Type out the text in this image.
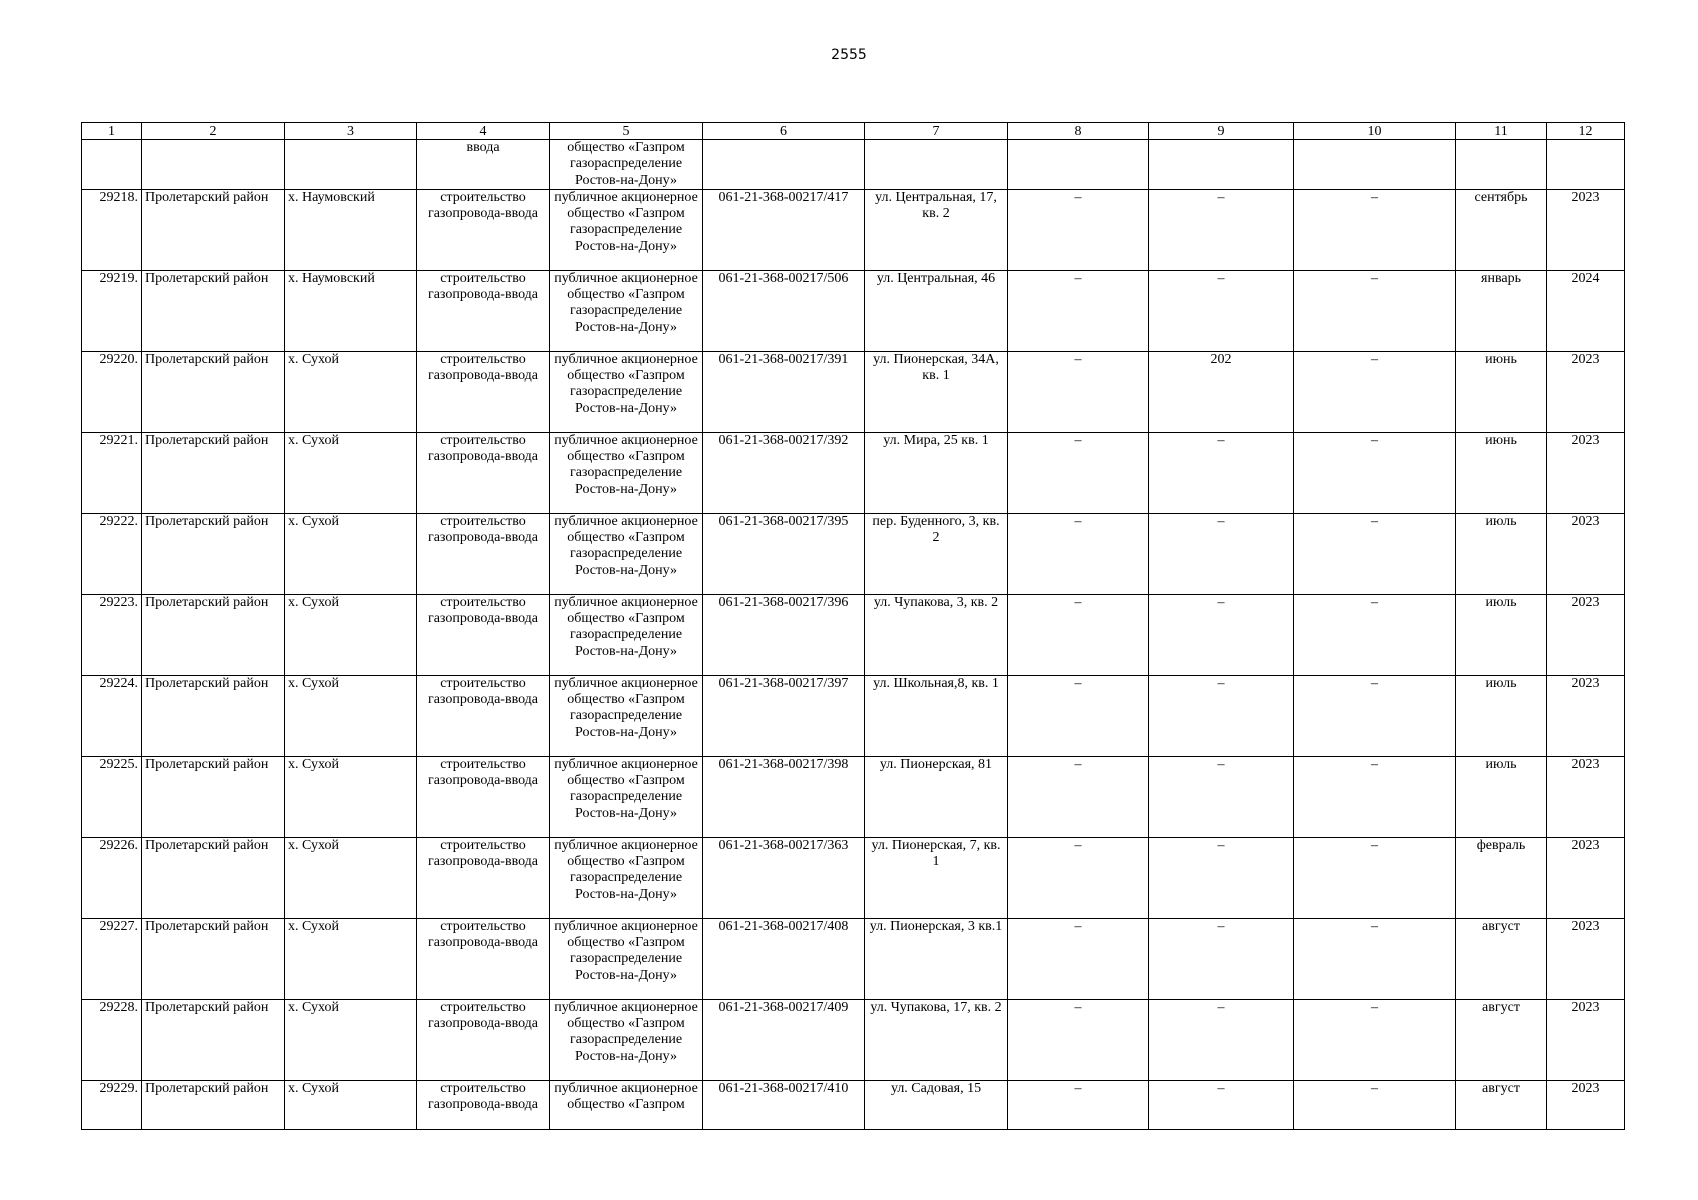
2555
1	2	3	4	5	6	7	8	9	10	11	12
			ввода	общество «Газпром газораспределение Ростов-на-Дону»							
29218.	Пролетарский район	х. Наумовский	строительство газопровода-ввода	публичное акционерное общество «Газпром газораспределение Ростов-на-Дону»	061-21-368-00217/417	ул. Центральная, 17, кв. 2	–	–	–	сентябрь	2023
29219.	Пролетарский район	х. Наумовский	строительство газопровода-ввода	публичное акционерное общество «Газпром газораспределение Ростов-на-Дону»	061-21-368-00217/506	ул. Центральная, 46	–	–	–	январь	2024
29220.	Пролетарский район	х. Сухой	строительство газопровода-ввода	публичное акционерное общество «Газпром газораспределение Ростов-на-Дону»	061-21-368-00217/391	ул. Пионерская, 34А, кв. 1	–	202	–	июнь	2023
29221.	Пролетарский район	х. Сухой	строительство газопровода-ввода	публичное акционерное общество «Газпром газораспределение Ростов-на-Дону»	061-21-368-00217/392	ул. Мира, 25 кв. 1	–	–	–	июнь	2023
29222.	Пролетарский район	х. Сухой	строительство газопровода-ввода	публичное акционерное общество «Газпром газораспределение Ростов-на-Дону»	061-21-368-00217/395	пер. Буденного, 3, кв. 2	–	–	–	июль	2023
29223.	Пролетарский район	х. Сухой	строительство газопровода-ввода	публичное акционерное общество «Газпром газораспределение Ростов-на-Дону»	061-21-368-00217/396	ул. Чупакова, 3, кв. 2	–	–	–	июль	2023
29224.	Пролетарский район	х. Сухой	строительство газопровода-ввода	публичное акционерное общество «Газпром газораспределение Ростов-на-Дону»	061-21-368-00217/397	ул. Школьная,8, кв. 1	–	–	–	июль	2023
29225.	Пролетарский район	х. Сухой	строительство газопровода-ввода	публичное акционерное общество «Газпром газораспределение Ростов-на-Дону»	061-21-368-00217/398	ул. Пионерская, 81	–	–	–	июль	2023
29226.	Пролетарский район	х. Сухой	строительство газопровода-ввода	публичное акционерное общество «Газпром газораспределение Ростов-на-Дону»	061-21-368-00217/363	ул. Пионерская, 7, кв. 1	–	–	–	февраль	2023
29227.	Пролетарский район	х. Сухой	строительство газопровода-ввода	публичное акционерное общество «Газпром газораспределение Ростов-на-Дону»	061-21-368-00217/408	ул. Пионерская, 3 кв.1	–	–	–	август	2023
29228.	Пролетарский район	х. Сухой	строительство газопровода-ввода	публичное акционерное общество «Газпром газораспределение Ростов-на-Дону»	061-21-368-00217/409	ул. Чупакова, 17, кв. 2	–	–	–	август	2023
29229.	Пролетарский район	х. Сухой	строительство газопровода-ввода	публичное акционерное общество «Газпром	061-21-368-00217/410	ул. Садовая, 15	–	–	–	август	2023
